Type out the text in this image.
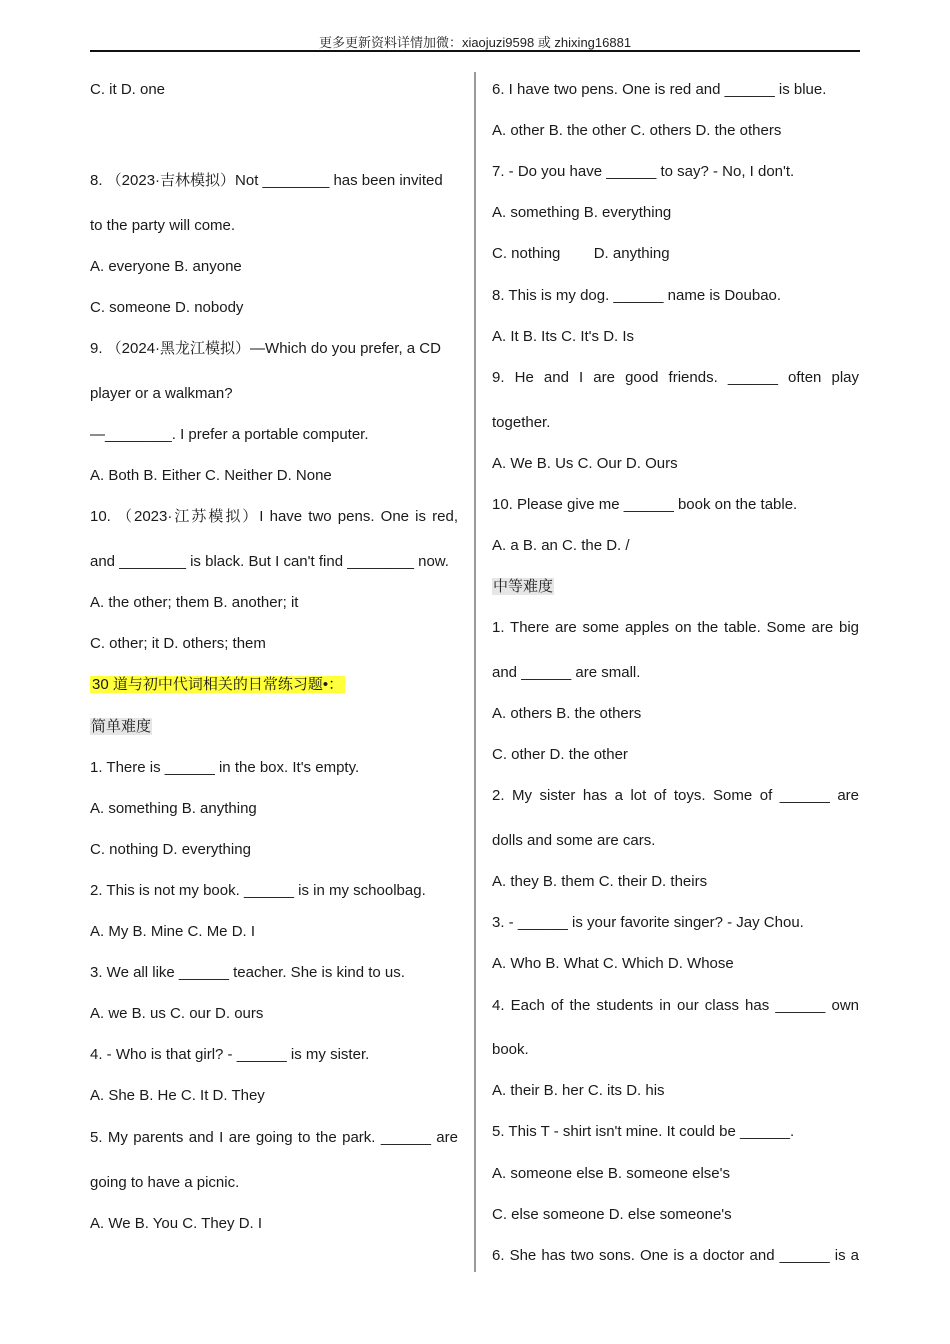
更多更新资料详情加微：xiaojuzi9598 或 zhixing16881
C. it D. one
8. （2023·吉林模拟）Not ________ has been invited
to the party will come.
A. everyone B. anyone
C. someone D. nobody
9. （2024·黑龙江模拟）—Which do you prefer, a CD
player or a walkman?
—________. I prefer a portable computer.
A. Both B. Either C. Neither D. None
10. （2023·江苏模拟）I have two pens. One is red,
and ________ is black. But I can't find ________ now.
A. the other; them B. another; it
C. other; it D. others; them
30 道与初中代词相关的日常练习题•：
简单难度
1. There is ______ in the box. It's empty.
A. something B. anything
C. nothing D. everything
2. This is not my book. ______ is in my schoolbag.
A. My B. Mine C. Me D. I
3. We all like ______ teacher. She is kind to us.
A. we B. us C. our D. ours
4. - Who is that girl? - ______ is my sister.
A. She B. He C. It D. They
5. My parents and I are going to the park. ______ are
going to have a picnic.
A. We B. You C. They D. I
6. I have two pens. One is red and ______ is blue.
A. other B. the other C. others D. the others
7. - Do you have ______ to say? - No, I don't.
A. something B. everything
C. nothing        D. anything
8. This is my dog. ______ name is Doubao.
A. It B. Its C. It's D. Is
9. He and I are good friends. ______ often play
together.
A. We B. Us C. Our D. Ours
10. Please give me ______ book on the table.
A. a B. an C. the D. /
中等难度
1. There are some apples on the table. Some are big
and ______ are small.
A. others B. the others
C. other D. the other
2. My sister has a lot of toys. Some of ______ are
dolls and some are cars.
A. they B. them C. their D. theirs
3. - ______ is your favorite singer? - Jay Chou.
A. Who B. What C. Which D. Whose
4. Each of the students in our class has ______ own
book.
A. their B. her C. its D. his
5. This T - shirt isn't mine. It could be ______.
A. someone else B. someone else's
C. else someone D. else someone's
6. She has two sons. One is a doctor and ______ is a
